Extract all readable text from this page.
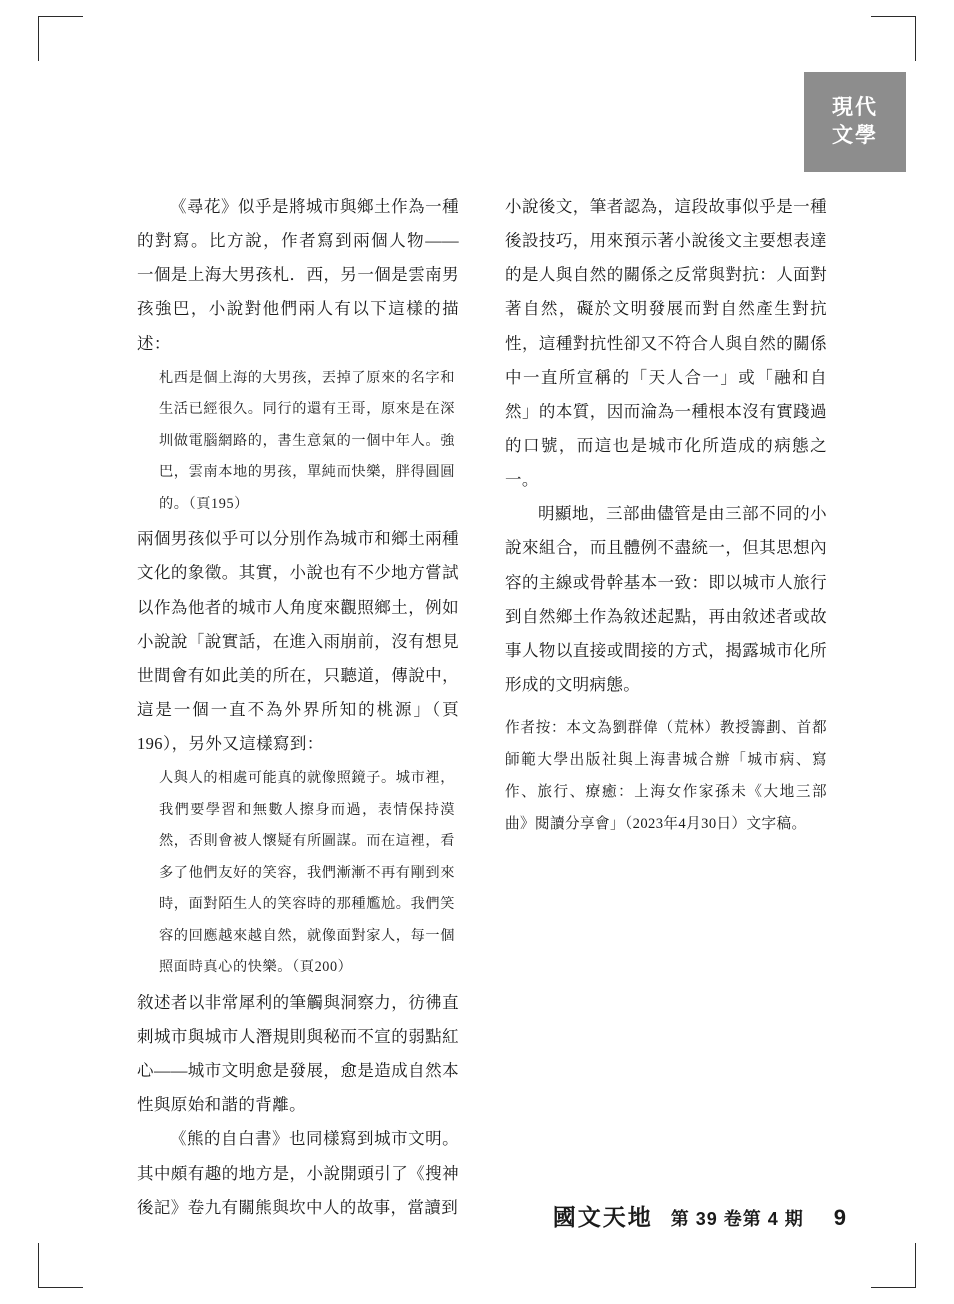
現代
文學

《尋花》似乎是將城市與鄉土作為一種的對寫。比方說，作者寫到兩個人物—— 一個是上海大男孩札．西，另一個是雲南男孩強巴，小說對他們兩人有以下這樣的描述：

札西是個上海的大男孩，丟掉了原來的名字和生活已經很久。同行的還有王哥，原來是在深圳做電腦網路的，書生意氣的一個中年人。強巴，雲南本地的男孩，單純而快樂，胖得圓圓的。（頁195）

兩個男孩似乎可以分別作為城市和鄉土兩種文化的象徵。其實，小說也有不少地方嘗試以作為他者的城市人角度來觀照鄉土，例如小說說「說實話，在進入雨崩前，沒有想見世間會有如此美的所在，只聽道，傳說中，這是一個一直不為外界所知的桃源」（頁196），另外又這樣寫到：

人與人的相處可能真的就像照鏡子。城市裡，我們要學習和無數人擦身而過，表情保持漠然，否則會被人懷疑有所圖謀。而在這裡，看多了他們友好的笑容，我們漸漸不再有剛到來時，面對陌生人的笑容時的那種尷尬。我們笑容的回應越來越自然，就像面對家人，每一個照面時真心的快樂。（頁200）

敘述者以非常犀利的筆觸與洞察力，彷彿直刺城市與城市人潛規則與秘而不宣的弱點紅心——城市文明愈是發展，愈是造成自然本性與原始和諧的背離。

《熊的自白書》也同樣寫到城市文明。其中頗有趣的地方是，小說開頭引了《搜神後記》卷九有關熊與坎中人的故事，當讀到

小說後文，筆者認為，這段故事似乎是一種後設技巧，用來預示著小說後文主要想表達的是人與自然的關係之反常與對抗：人面對著自然，礙於文明發展而對自然產生對抗性，這種對抗性卻又不符合人與自然的關係中一直所宣稱的「天人合一」或「融和自然」的本質，因而淪為一種根本沒有實踐過的口號，而這也是城市化所造成的病態之一。

明顯地，三部曲儘管是由三部不同的小說來組合，而且體例不盡統一，但其思想內容的主線或骨幹基本一致：即以城市人旅行到自然鄉土作為敘述起點，再由敘述者或故事人物以直接或間接的方式，揭露城市化所形成的文明病態。

作者按：本文為劉群偉（荒林）教授籌劃、首都師範大學出版社與上海書城合辦「城市病、寫作、旅行、療癒：上海女作家孫未《大地三部曲》閱讀分享會」（2023年4月30日）文字稿。

國文天地 第 39 卷第 4 期 9
